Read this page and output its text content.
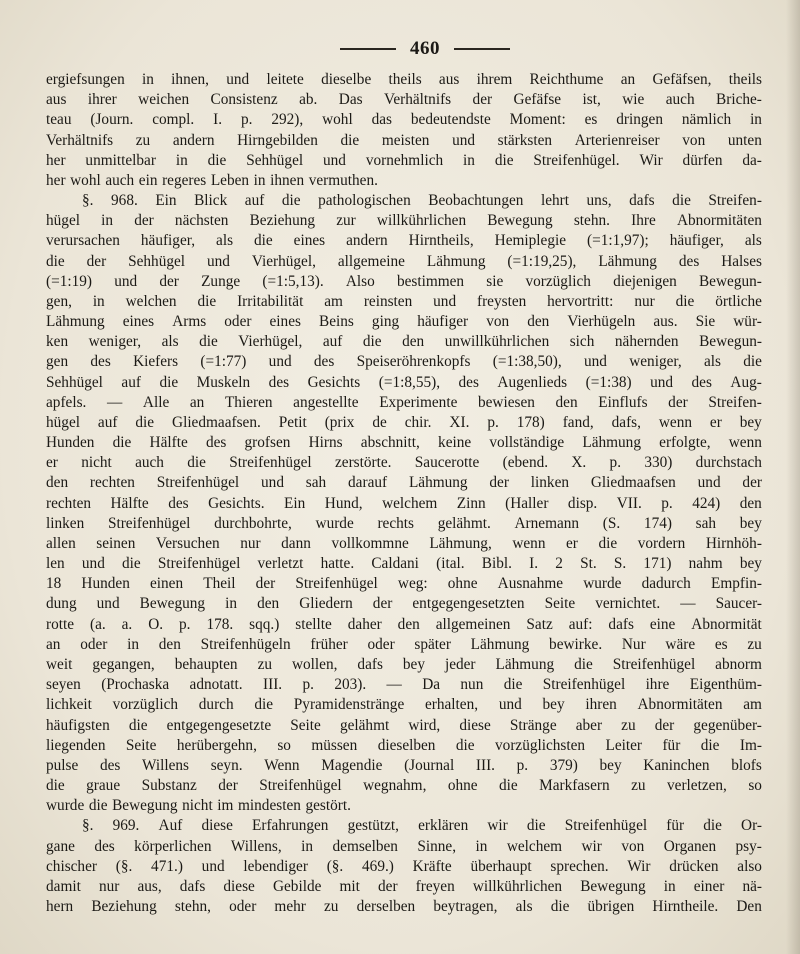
460
ergiefsungen in ihnen, und leitete dieselbe theils aus ihrem Reichthume an Gefäfsen, theils
aus ihrer weichen Consistenz ab. Das Verhältnifs der Gefäfse ist, wie auch Briche-
teau (Journ. compl. I. p. 292), wohl das bedeutendste Moment: es dringen nämlich in
Verhältnifs zu andern Hirngebilden die meisten und stärksten Arterienreiser von unten
her unmittelbar in die Sehhügel und vornehmlich in die Streifenhügel. Wir dürfen da-
her wohl auch ein regeres Leben in ihnen vermuthen.
§. 968. Ein Blick auf die pathologischen Beobachtungen lehrt uns, dafs die Streifen-
hügel in der nächsten Beziehung zur willkührlichen Bewegung stehn. Ihre Abnormitäten
verursachen häufiger, als die eines andern Hirntheils, Hemiplegie (=1:1,97); häufiger, als
die der Sehhügel und Vierhügel, allgemeine Lähmung (=1:19,25), Lähmung des Halses
(=1:19) und der Zunge (=1:5,13). Also bestimmen sie vorzüglich diejenigen Bewegun-
gen, in welchen die Irritabilität am reinsten und freysten hervortritt: nur die örtliche
Lähmung eines Arms oder eines Beins ging häufiger von den Vierhügeln aus. Sie wür-
ken weniger, als die Vierhügel, auf die den unwillkührlichen sich nähernden Bewegun-
gen des Kiefers (=1:77) und des Speiseröhrenkopfs (=1:38,50), und weniger, als die
Sehhügel auf die Muskeln des Gesichts (=1:8,55), des Augenlieds (=1:38) und des Aug-
apfels. — Alle an Thieren angestellte Experimente bewiesen den Einflufs der Streifen-
hügel auf die Gliedmaafsen. Petit (prix de chir. XI. p. 178) fand, dafs, wenn er bey
Hunden die Hälfte des grofsen Hirns abschnitt, keine vollständige Lähmung erfolgte, wenn
er nicht auch die Streifenhügel zerstörte. Saucerotte (ebend. X. p. 330) durchstach
den rechten Streifenhügel und sah darauf Lähmung der linken Gliedmaafsen und der
rechten Hälfte des Gesichts. Ein Hund, welchem Zinn (Haller disp. VII. p. 424) den
linken Streifenhügel durchbohrte, wurde rechts gelähmt. Arnemann (S. 174) sah bey
allen seinen Versuchen nur dann vollkommne Lähmung, wenn er die vordern Hirnhöh-
len und die Streifenhügel verletzt hatte. Caldani (ital. Bibl. I. 2 St. S. 171) nahm bey
18 Hunden einen Theil der Streifenhügel weg: ohne Ausnahme wurde dadurch Empfin-
dung und Bewegung in den Gliedern der entgegengesetzten Seite vernichtet. — Saucer-
rotte (a. a. O. p. 178. sqq.) stellte daher den allgemeinen Satz auf: dafs eine Abnormität
an oder in den Streifenhügeln früher oder später Lähmung bewirke. Nur wäre es zu
weit gegangen, behaupten zu wollen, dafs bey jeder Lähmung die Streifenhügel abnorm
seyen (Prochaska adnotatt. III. p. 203). — Da nun die Streifenhügel ihre Eigenthüm-
lichkeit vorzüglich durch die Pyramidenstränge erhalten, und bey ihren Abnormitäten am
häufigsten die entgegengesetzte Seite gelähmt wird, diese Stränge aber zu der gegenüber-
liegenden Seite herübergehn, so müssen dieselben die vorzüglichsten Leiter für die Im-
pulse des Willens seyn. Wenn Magendie (Journal III. p. 379) bey Kaninchen blofs
die graue Substanz der Streifenhügel wegnahm, ohne die Markfasern zu verletzen, so
wurde die Bewegung nicht im mindesten gestört.
§. 969. Auf diese Erfahrungen gestützt, erklären wir die Streifenhügel für die Or-
gane des körperlichen Willens, in demselben Sinne, in welchem wir von Organen psy-
chischer (§. 471.) und lebendiger (§. 469.) Kräfte überhaupt sprechen. Wir drücken also
damit nur aus, dafs diese Gebilde mit der freyen willkührlichen Bewegung in einer nä-
hern Beziehung stehn, oder mehr zu derselben beytragen, als die übrigen Hirntheile. Den
